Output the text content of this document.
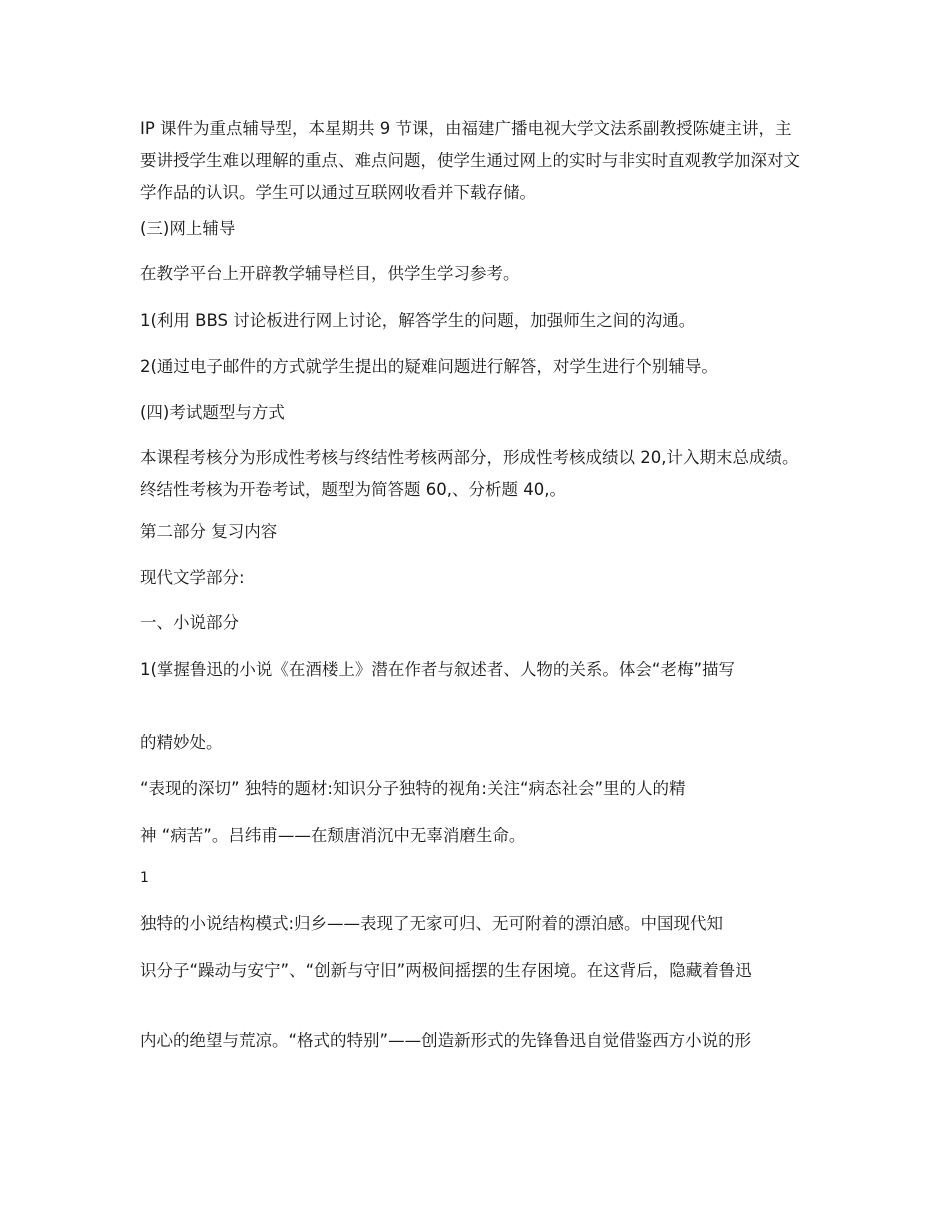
IP 课件为重点辅导型，本星期共 9 节课，由福建广播电视大学文法系副教授陈婕主讲，主要讲授学生难以理解的重点、难点问题，使学生通过网上的实时与非实时直观教学加深对文学作品的认识。学生可以通过互联网收看并下载存储。

(三)网上辅导

在教学平台上开辟教学辅导栏目，供学生学习参考。

1(利用 BBS 讨论板进行网上讨论，解答学生的问题，加强师生之间的沟通。

2(通过电子邮件的方式就学生提出的疑难问题进行解答，对学生进行个别辅导。

(四)考试题型与方式

本课程考核分为形成性考核与终结性考核两部分，形成性考核成绩以 20,计入期末总成绩。终结性考核为开卷考试，题型为简答题 60,、分析题 40,。

第二部分 复习内容

现代文学部分:

一、小说部分

1(掌握鲁迅的小说《在酒楼上》潜在作者与叙述者、人物的关系。体会“老梅”描写

的精妙处。

“表现的深切” 独特的题材:知识分子独特的视角:关注“病态社会”里的人的精

神 “病苦”。吕纬甫——在颓唐消沉中无辜消磨生命。

1

独特的小说结构模式:归乡——表现了无家可归、无可附着的漂泊感。中国现代知

识分子“躁动与安宁”、“创新与守旧”两极间摇摆的生存困境。在这背后，隐藏着鲁迅

内心的绝望与荒凉。“格式的特别”——创造新形式的先锋鲁迅自觉借鉴西方小说的形
